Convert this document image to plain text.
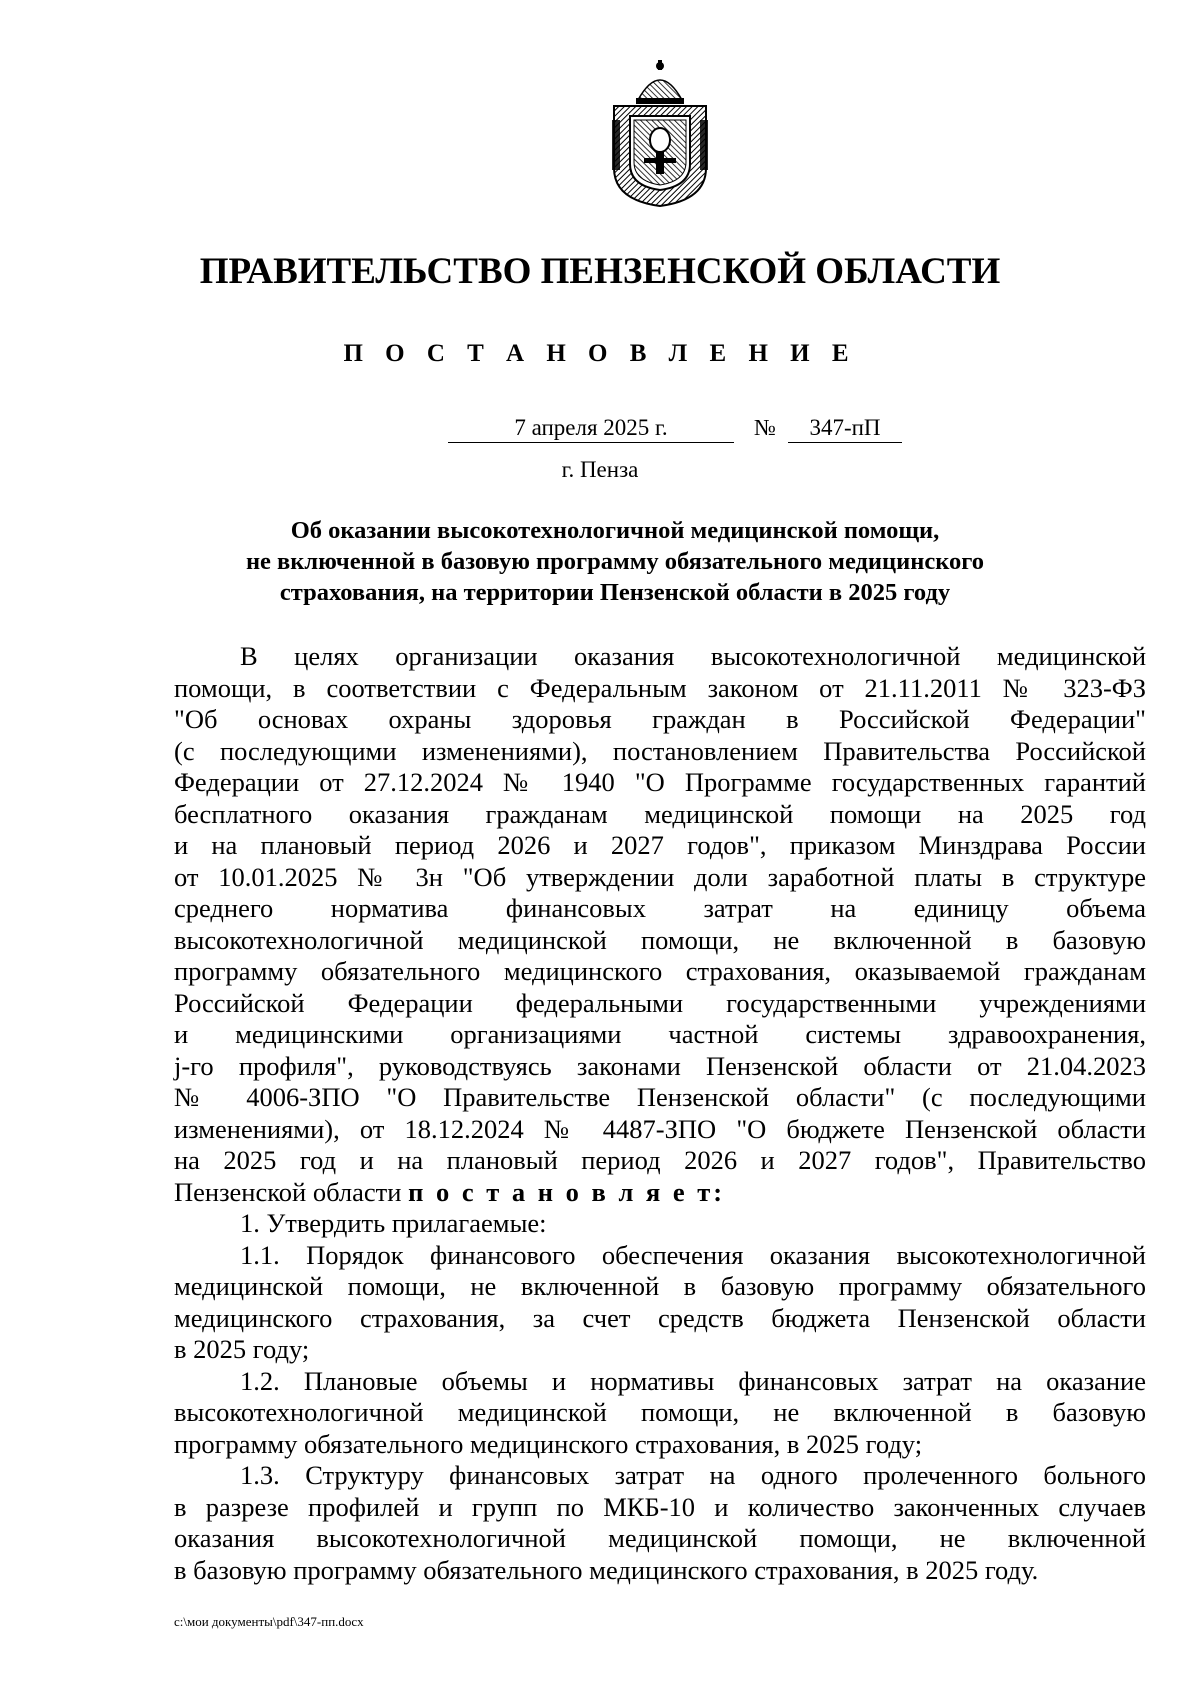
ПРАВИТЕЛЬСТВО ПЕНЗЕНСКОЙ ОБЛАСТИ
П О С Т А Н О В Л Е Н И Е
7 апреля 2025 г.	№	347-пП
г. Пенза
Об оказании высокотехнологичной медицинской помощи,
не включенной в базовую программу обязательного медицинского
страхования, на территории Пензенской области в 2025 году
В целях организации оказания высокотехнологичной медицинской
помощи, в соответствии с Федеральным законом от 21.11.2011 № 323-ФЗ
"Об основах охраны здоровья граждан в Российской Федерации"
(с последующими изменениями), постановлением Правительства Российской
Федерации от 27.12.2024 № 1940 "О Программе государственных гарантий
бесплатного оказания гражданам медицинской помощи на 2025 год
и на плановый период 2026 и 2027 годов", приказом Минздрава России
от 10.01.2025 № 3н "Об утверждении доли заработной платы в структуре
среднего норматива финансовых затрат на единицу объема
высокотехнологичной медицинской помощи, не включенной в базовую
программу обязательного медицинского страхования, оказываемой гражданам
Российской Федерации федеральными государственными учреждениями
и медицинскими организациями частной системы здравоохранения,
j-го профиля", руководствуясь законами Пензенской области от 21.04.2023
№ 4006-ЗПО "О Правительстве Пензенской области" (с последующими
изменениями), от 18.12.2024 № 4487-ЗПО "О бюджете Пензенской области
на 2025 год и на плановый период 2026 и 2027 годов", Правительство
Пензенской области п о с т а н о в л я е т:
1. Утвердить прилагаемые:
1.1. Порядок финансового обеспечения оказания высокотехнологичной
медицинской помощи, не включенной в базовую программу обязательного
медицинского страхования, за счет средств бюджета Пензенской области
в 2025 году;
1.2. Плановые объемы и нормативы финансовых затрат на оказание
высокотехнологичной медицинской помощи, не включенной в базовую
программу обязательного медицинского страхования, в 2025 году;
1.3. Структуру финансовых затрат на одного пролеченного больного
в разрезе профилей и групп по МКБ-10 и количество законченных случаев
оказания высокотехнологичной медицинской помощи, не включенной
в базовую программу обязательного медицинского страхования, в 2025 году.
c:\мои документы\pdf\347-пп.docx
